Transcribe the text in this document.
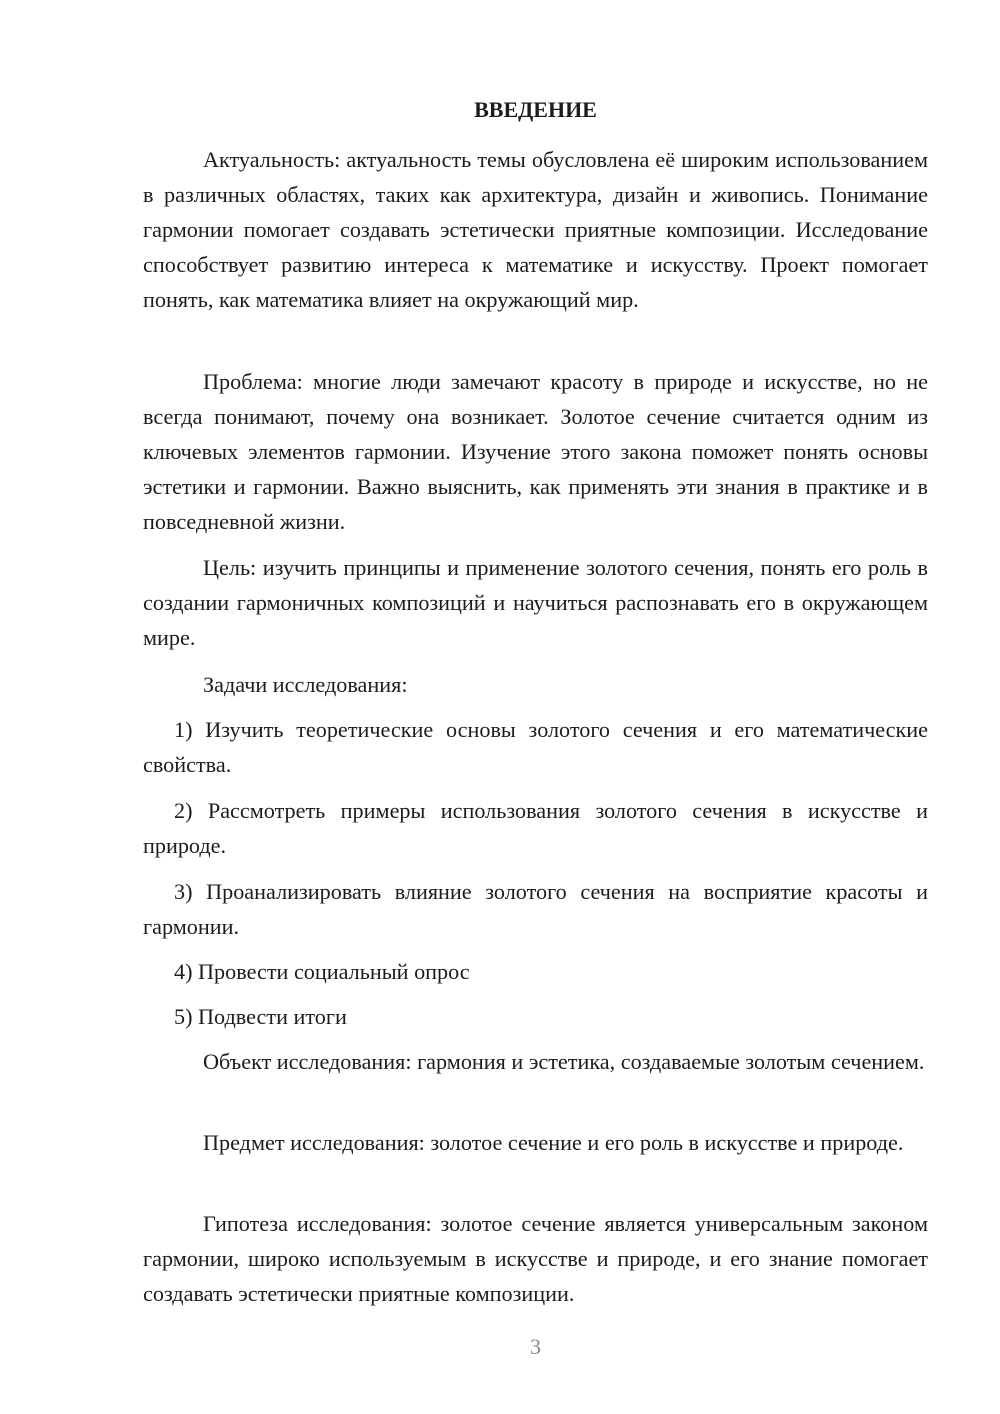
ВВЕДЕНИЕ

Актуальность: актуальность темы обусловлена её широким использованием в различных областях, таких как архитектура, дизайн и живопись. Понимание гармонии помогает создавать эстетически приятные композиции. Исследование способствует развитию интереса к математике и искусству. Проект помогает понять, как математика влияет на окружающий мир.

Проблема: многие люди замечают красоту в природе и искусстве, но не всегда понимают, почему она возникает. Золотое сечение считается одним из ключевых элементов гармонии. Изучение этого закона поможет понять основы эстетики и гармонии. Важно выяснить, как применять эти знания в практике и в повседневной жизни.

Цель: изучить принципы и применение золотого сечения, понять его роль в создании гармоничных композиций и научиться распознавать его в окружающем мире.

Задачи исследования:

1) Изучить теоретические основы золотого сечения и его математические свойства.

2) Рассмотреть примеры использования золотого сечения в искусстве и природе.

3) Проанализировать влияние золотого сечения на восприятие красоты и гармонии.

4) Провести социальный опрос

5) Подвести итоги

Объект исследования: гармония и эстетика, создаваемые золотым сечением.

Предмет исследования: золотое сечение и его роль в искусстве и природе.

Гипотеза исследования: золотое сечение является универсальным законом гармонии, широко используемым в искусстве и природе, и его знание помогает создавать эстетически приятные композиции.

3
